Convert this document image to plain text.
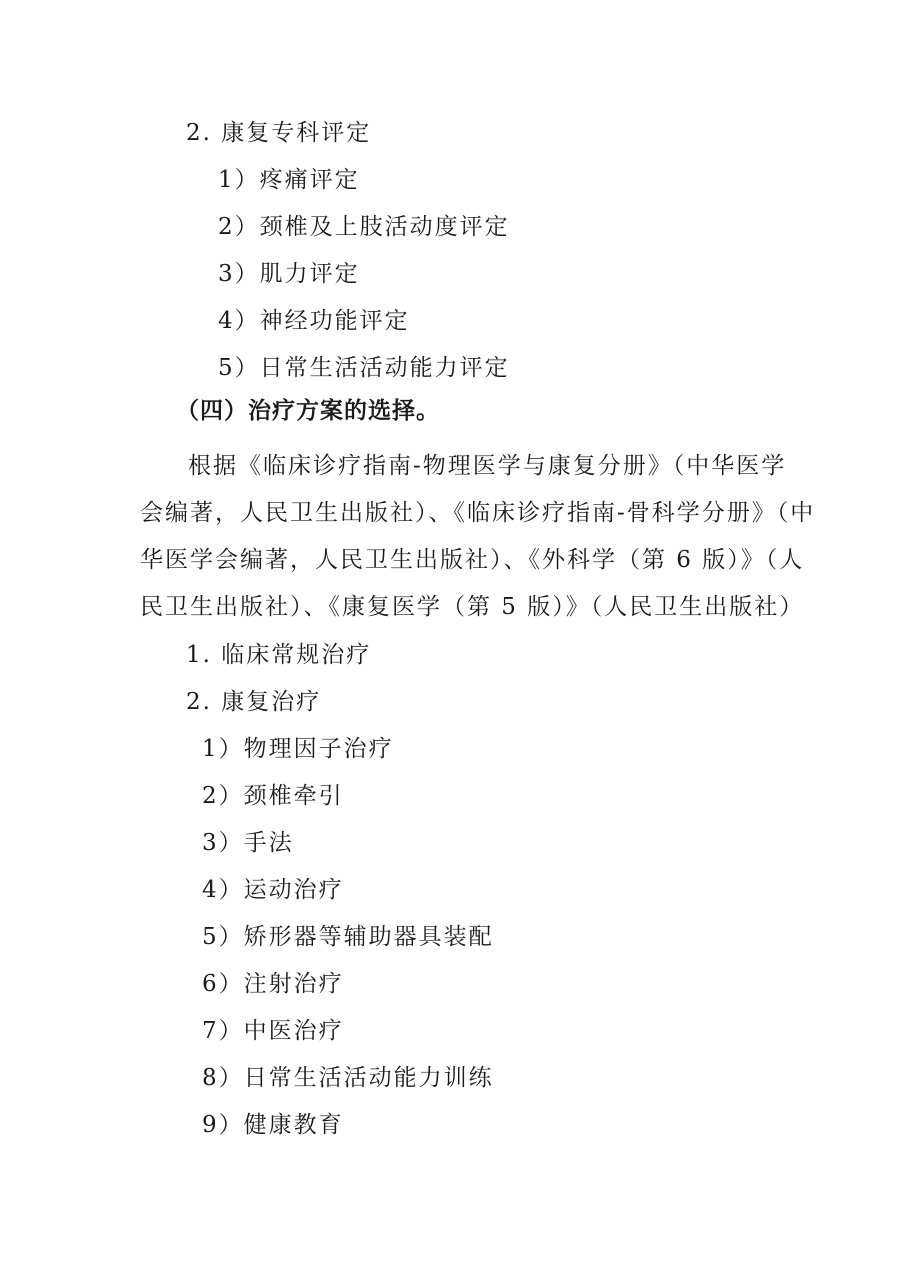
2. 康复专科评定
1）疼痛评定
2）颈椎及上肢活动度评定
3）肌力评定
4）神经功能评定
5）日常生活活动能力评定
（四）治疗方案的选择。
根据《临床诊疗指南-物理医学与康复分册》（中华医学
会编著，人民卫生出版社）、《临床诊疗指南-骨科学分册》（中
华医学会编著，人民卫生出版社）、《外科学（第 6 版）》（人
民卫生出版社）、《康复医学（第 5 版）》（人民卫生出版社）
1. 临床常规治疗
2. 康复治疗
1）物理因子治疗
2）颈椎牵引
3）手法
4）运动治疗
5）矫形器等辅助器具装配
6）注射治疗
7）中医治疗
8）日常生活活动能力训练
9）健康教育
